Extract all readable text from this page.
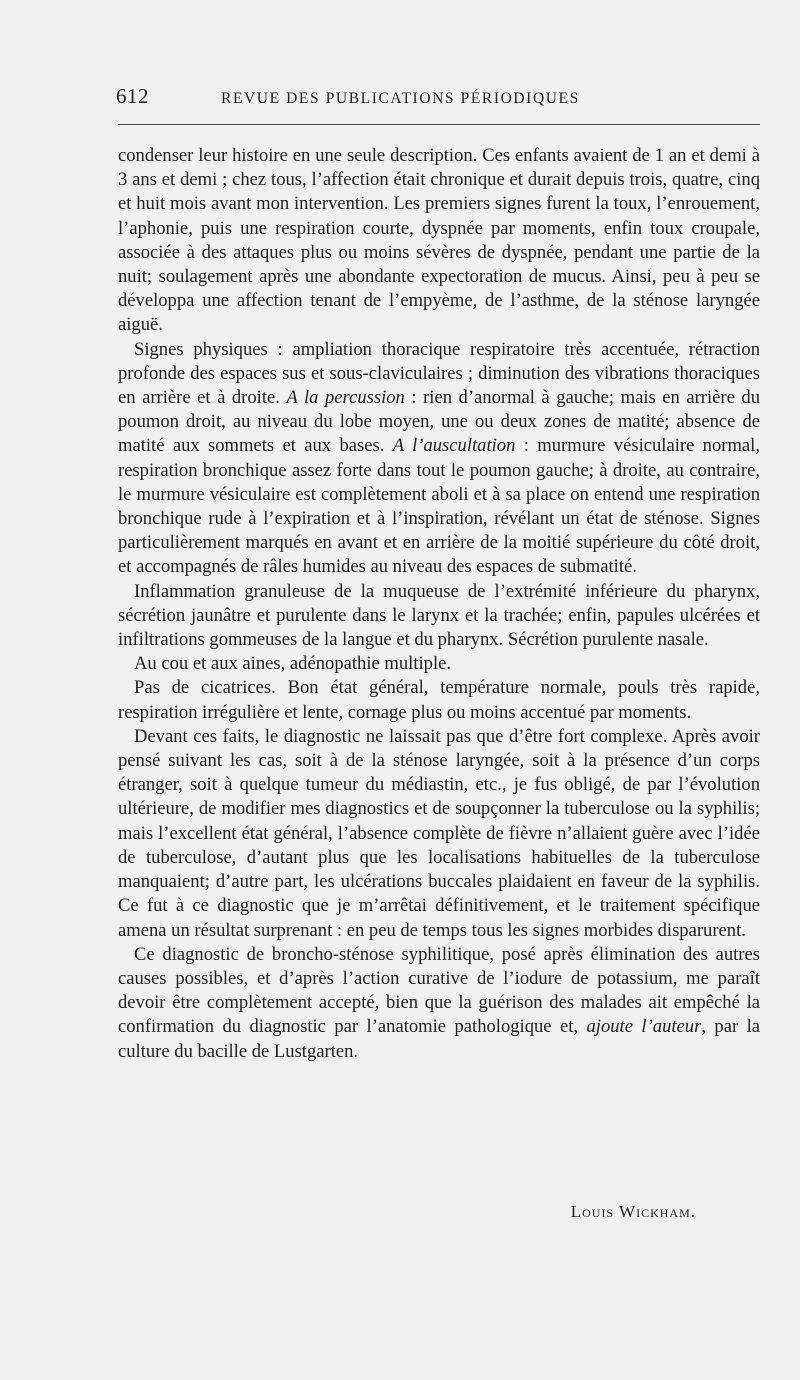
612	REVUE DES PUBLICATIONS PÉRIODIQUES

condenser leur histoire en une seule description. Ces enfants avaient de 1 an et demi à 3 ans et demi ; chez tous, l’affection était chronique et durait depuis trois, quatre, cinq et huit mois avant mon intervention. Les premiers signes furent la toux, l’enrouement, l’aphonie, puis une respiration courte, dyspnée par moments, enfin toux croupale, associée à des attaques plus ou moins sévères de dyspnée, pendant une partie de la nuit; soulagement après une abondante expectoration de mucus. Ainsi, peu à peu se développa une affection tenant de l’empyème, de l’asthme, de la sténose laryngée aiguë.

Signes physiques : ampliation thoracique respiratoire très accentuée, rétraction profonde des espaces sus et sous-claviculaires ; diminution des vibrations thoraciques en arrière et à droite. A la percussion : rien d’anormal à gauche; mais en arrière du poumon droit, au niveau du lobe moyen, une ou deux zones de matité; absence de matité aux sommets et aux bases. A l’auscultation : murmure vésiculaire normal, respiration bronchique assez forte dans tout le poumon gauche; à droite, au contraire, le murmure vésiculaire est complètement aboli et à sa place on entend une respiration bronchique rude à l’expiration et à l’inspiration, révélant un état de sténose. Signes particulièrement marqués en avant et en arrière de la moitié supérieure du côté droit, et accompagnés de râles humides au niveau des espaces de submatité.

Inflammation granuleuse de la muqueuse de l’extrémité inférieure du pharynx, sécrétion jaunâtre et purulente dans le larynx et la trachée; enfin, papules ulcérées et infiltrations gommeuses de la langue et du pharynx. Sécrétion purulente nasale.

Au cou et aux aines, adénopathie multiple.

Pas de cicatrices. Bon état général, température normale, pouls très rapide, respiration irrégulière et lente, cornage plus ou moins accentué par moments.

Devant ces faits, le diagnostic ne laissait pas que d’être fort complexe. Après avoir pensé suivant les cas, soit à de la sténose laryngée, soit à la présence d’un corps étranger, soit à quelque tumeur du médiastin, etc., je fus obligé, de par l’évolution ultérieure, de modifier mes diagnostics et de soupçonner la tuberculose ou la syphilis; mais l’excellent état général, l’absence complète de fièvre n’allaient guère avec l’idée de tuberculose, d’autant plus que les localisations habituelles de la tuberculose manquaient; d’autre part, les ulcérations buccales plaidaient en faveur de la syphilis. Ce fut à ce diagnostic que je m’arrêtai définitivement, et le traitement spécifique amena un résultat surprenant : en peu de temps tous les signes morbides disparurent.

Ce diagnostic de broncho-sténose syphilitique, posé après élimination des autres causes possibles, et d’après l’action curative de l’iodure de potassium, me paraît devoir être complètement accepté, bien que la guérison des malades ait empêché la confirmation du diagnostic par l’anatomie pathologique et, ajoute l’auteur, par la culture du bacille de Lustgarten.

Louis Wickham.
